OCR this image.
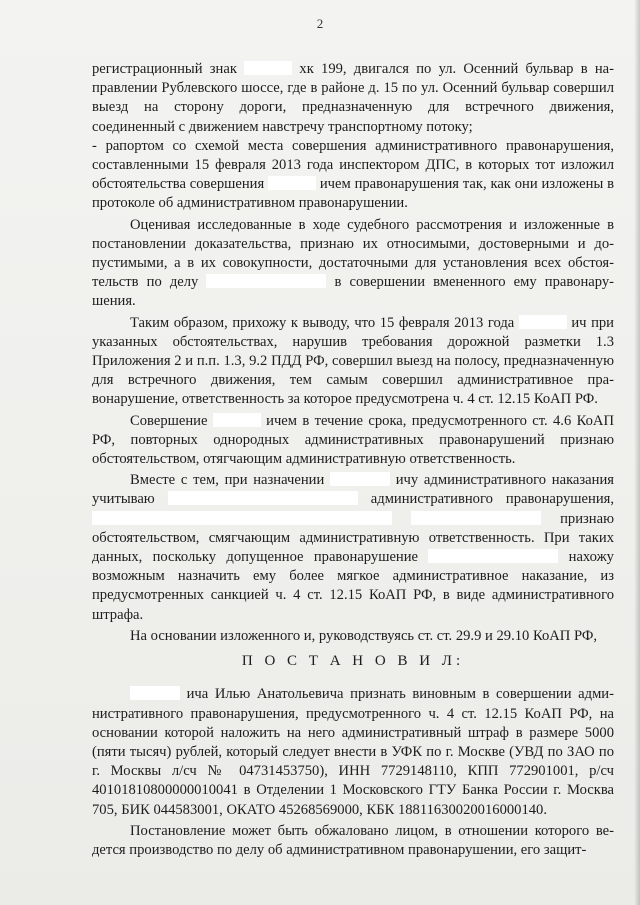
2

регистрационный знак	хк 199, двигался по ул. Осенний бульвар в направлении Рублевского шоссе, где в районе д. 15 по ул. Осенний бульвар совершил выезд на сторону дороги, предназначенную для встречного движения, соединенный с движением навстречу транспортному потоку;

- рапортом со схемой места совершения административного правонарушения, составленными 15 февраля 2013 года инспектором ДПС, в которых тот изложил обстоятельства совершения	ичем правонарушения так, как они изложены в протоколе об административном правонарушении.

Оценивая исследованные в ходе судебного рассмотрения и изложенные в постановлении доказательства, признаю их относимыми, достоверными и допустимыми, а в их совокупности, достаточными для установления всех обстоятельств по делу	в совершении вмененного ему правонарушения.

Таким образом, прихожу к выводу, что 15 февраля 2013 года	ич при указанных обстоятельствах, нарушив требования дорожной разметки 1.3 Приложения 2 и п.п. 1.3, 9.2 ПДД РФ, совершил выезд на полосу, предназначенную для встречного движения, тем самым совершил административное правонарушение, ответственность за которое предусмотрена ч. 4 ст. 12.15 КоАП РФ.

Совершение	ичем в течение срока, предусмотренного ст. 4.6 КоАП РФ, повторных однородных административных правонарушений признаю обстоятельством, отягчающим административную ответственность.

Вместе с тем, при назначении	ичу административного наказания учитываю	административного правонарушения,   признаю обстоятельством, смягчающим административную ответственность. При таких данных, поскольку допущенное правонарушение	нахожу возможным назначить ему более мягкое административное наказание, из предусмотренных санкцией ч. 4 ст. 12.15 КоАП РФ, в виде административного штрафа.

На основании изложенного и, руководствуясь ст. ст. 29.9 и 29.10 КоАП РФ,

П О С Т А Н О В И Л:

ича Илью Анатольевича признать виновным в совершении административного правонарушения, предусмотренного ч. 4 ст. 12.15 КоАП РФ, на основании которой наложить на него административный штраф в размере 5000 (пяти тысяч) рублей, который следует внести в УФК по г. Москве (УВД по ЗАО по г. Москвы л/сч № 04731453750), ИНН 7729148110, КПП 772901001, р/сч 40101810800000010041 в Отделении 1 Московского ГТУ Банка России г. Москва 705, БИК 044583001, ОКАТО 45268569000, КБК 18811630020016000140.

Постановление может быть обжаловано лицом, в отношении которого ведется производство по делу об административном правонарушении, его защит-
